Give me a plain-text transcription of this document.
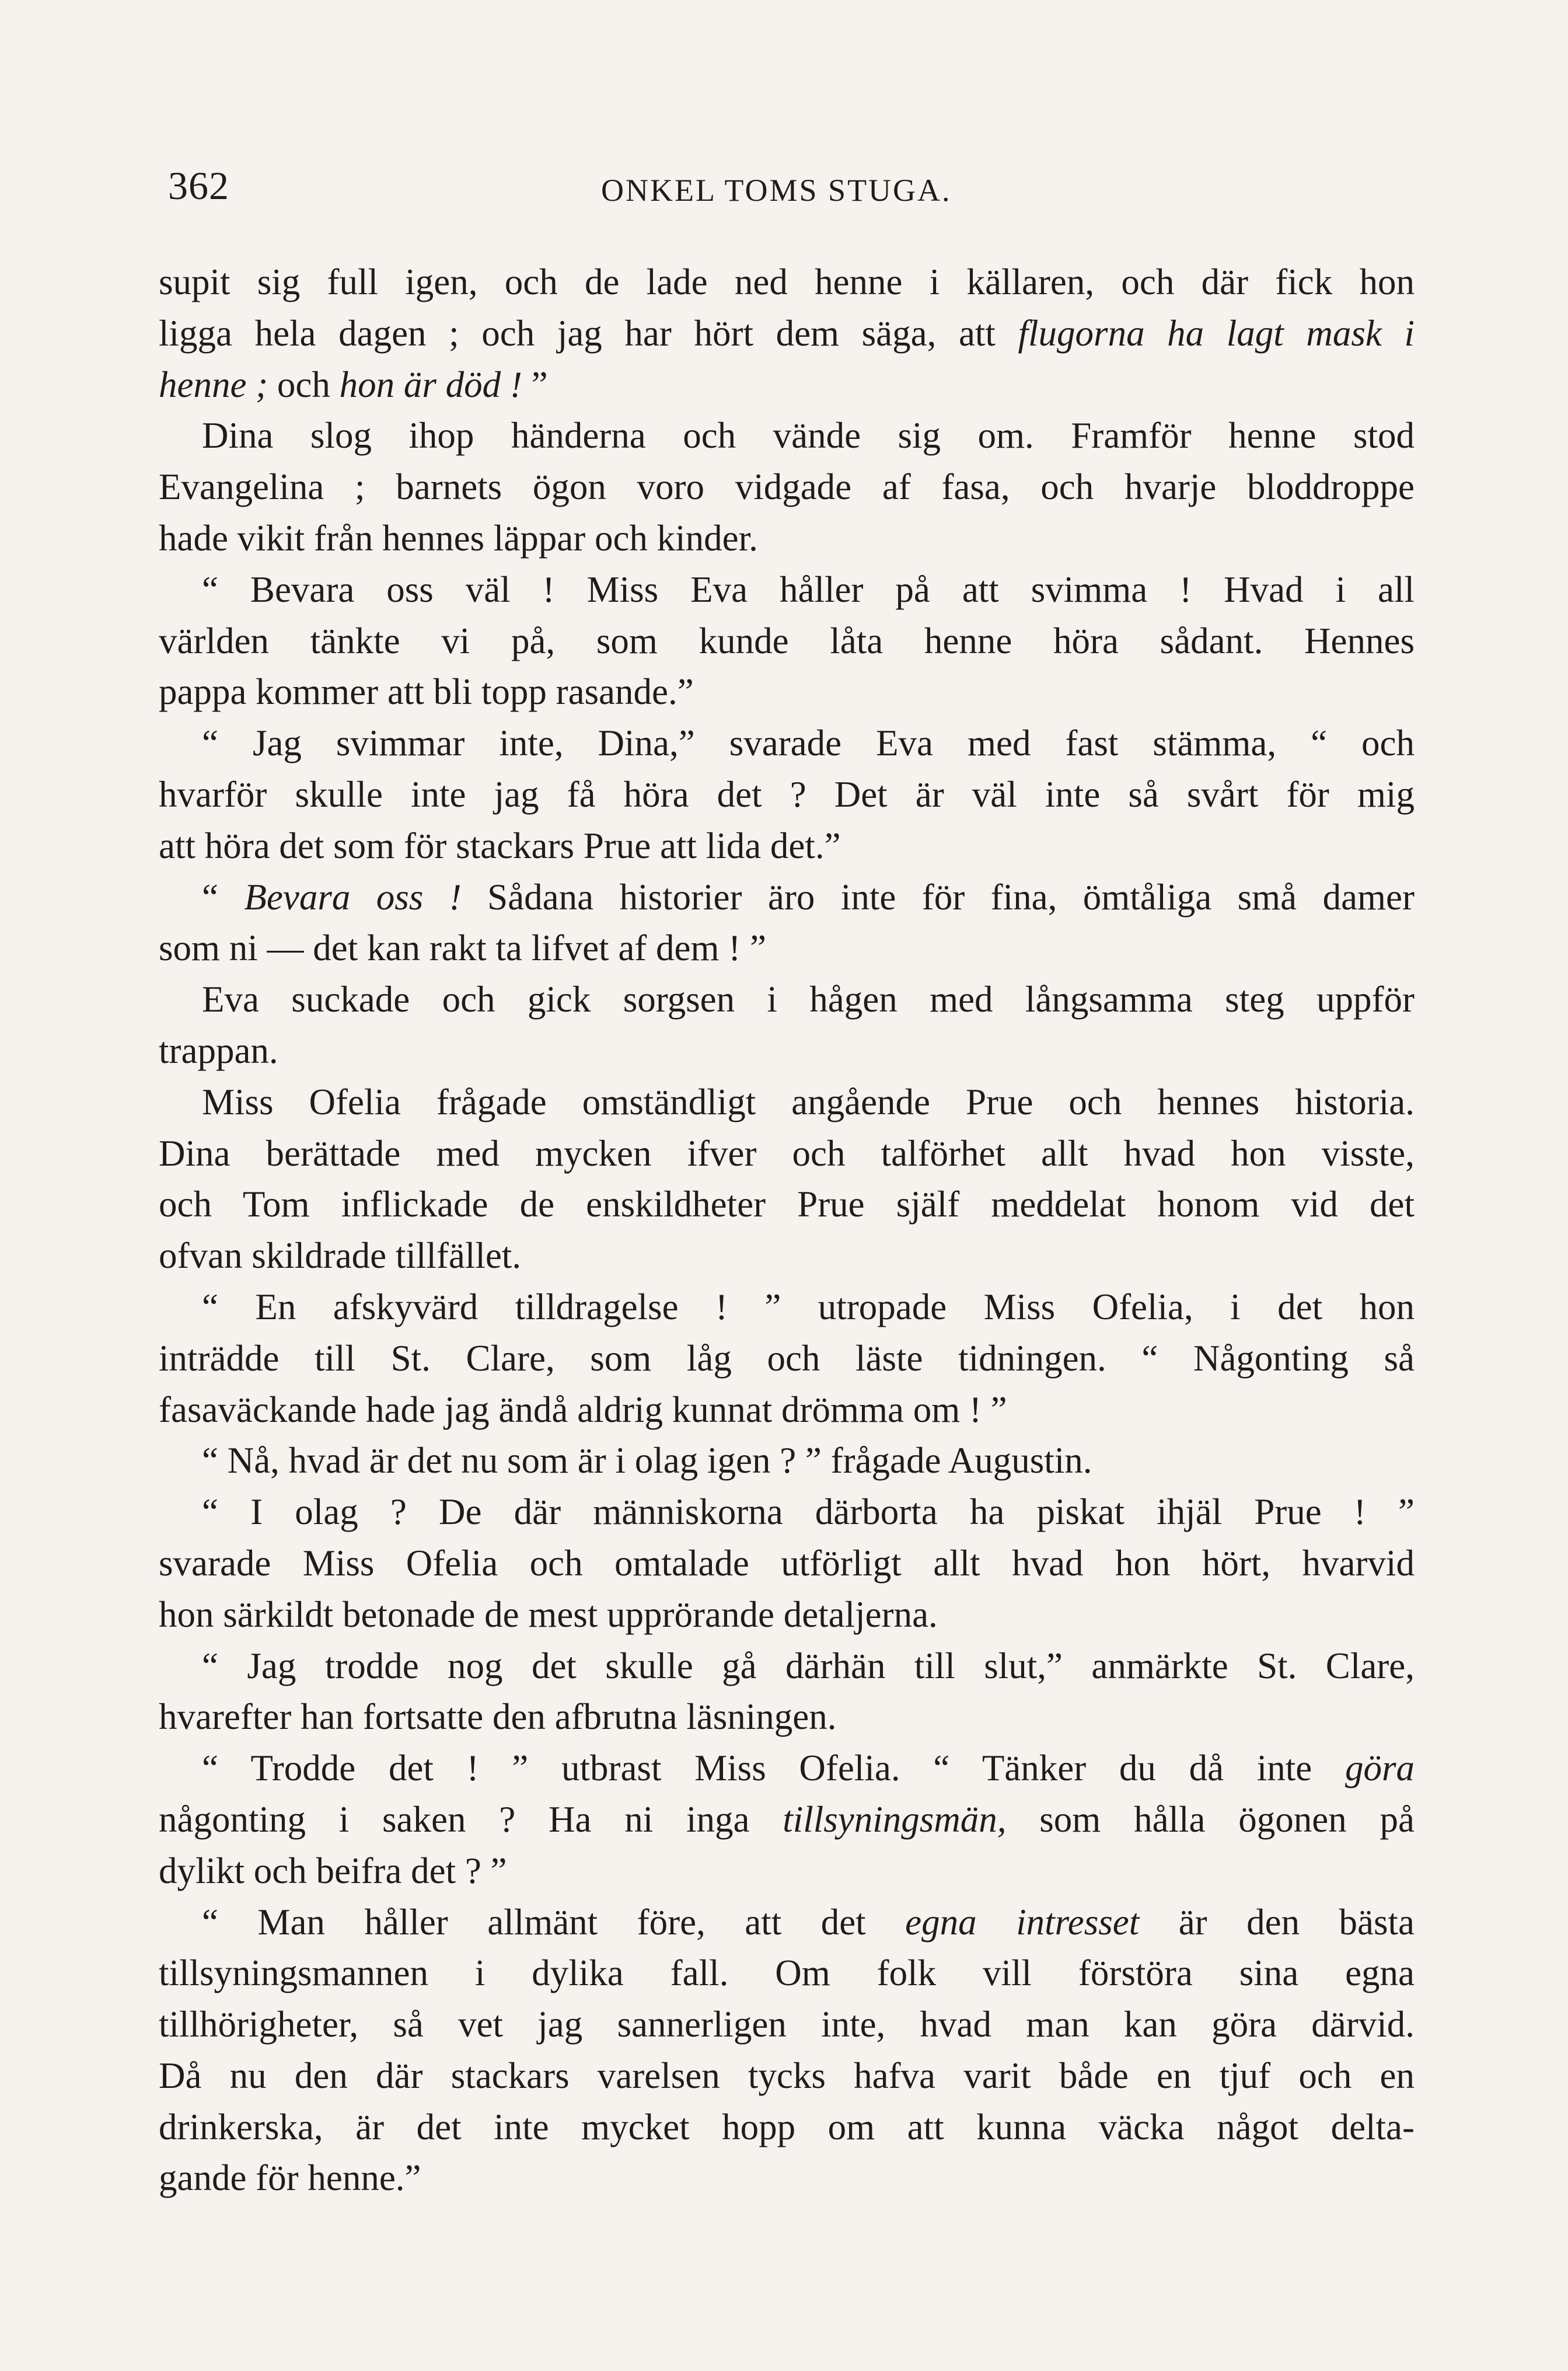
362	ONKEL TOMS STUGA.
supit sig full igen, och de lade ned henne i källaren, och där fick hon
ligga hela dagen ; och jag har hört dem säga, att flugorna ha lagt mask i
henne ; och hon är död ! ”
Dina slog ihop händerna och vände sig om. Framför henne stod
Evangelina ; barnets ögon voro vidgade af fasa, och hvarje bloddroppe
hade vikit från hennes läppar och kinder.
“ Bevara oss väl ! Miss Eva håller på att svimma ! Hvad i all
världen tänkte vi på, som kunde låta henne höra sådant. Hennes
pappa kommer att bli topp rasande.”
“ Jag svimmar inte, Dina,” svarade Eva med fast stämma, “ och
hvarför skulle inte jag få höra det ? Det är väl inte så svårt för mig
att höra det som för stackars Prue att lida det.”
“ Bevara oss ! Sådana historier äro inte för fina, ömtåliga små damer
som ni — det kan rakt ta lifvet af dem ! ”
Eva suckade och gick sorgsen i hågen med långsamma steg uppför
trappan.
Miss Ofelia frågade omständligt angående Prue och hennes historia.
Dina berättade med mycken ifver och talförhet allt hvad hon visste,
och Tom inflickade de enskildheter Prue själf meddelat honom vid det
ofvan skildrade tillfället.
“ En afskyvärd tilldragelse ! ” utropade Miss Ofelia, i det hon
inträdde till St. Clare, som låg och läste tidningen. “ Någonting så
fasaväckande hade jag ändå aldrig kunnat drömma om ! ”
“ Nå, hvad är det nu som är i olag igen ? ” frågade Augustin.
“ I olag ? De där människorna därborta ha piskat ihjäl Prue ! ”
svarade Miss Ofelia och omtalade utförligt allt hvad hon hört, hvarvid
hon särkildt betonade de mest upprörande detaljerna.
“ Jag trodde nog det skulle gå därhän till slut,” anmärkte St. Clare,
hvarefter han fortsatte den afbrutna läsningen.
“ Trodde det ! ” utbrast Miss Ofelia. “ Tänker du då inte göra
någonting i saken ? Ha ni inga tillsyningsmän, som hålla ögonen på
dylikt och beifra det ? ”
“ Man håller allmänt före, att det egna intresset är den bästa
tillsyningsmannen i dylika fall. Om folk vill förstöra sina egna
tillhörigheter, så vet jag sannerligen inte, hvad man kan göra därvid.
Då nu den där stackars varelsen tycks hafva varit både en tjuf och en
drinkerska, är det inte mycket hopp om att kunna väcka något delta-
gande för henne.”
